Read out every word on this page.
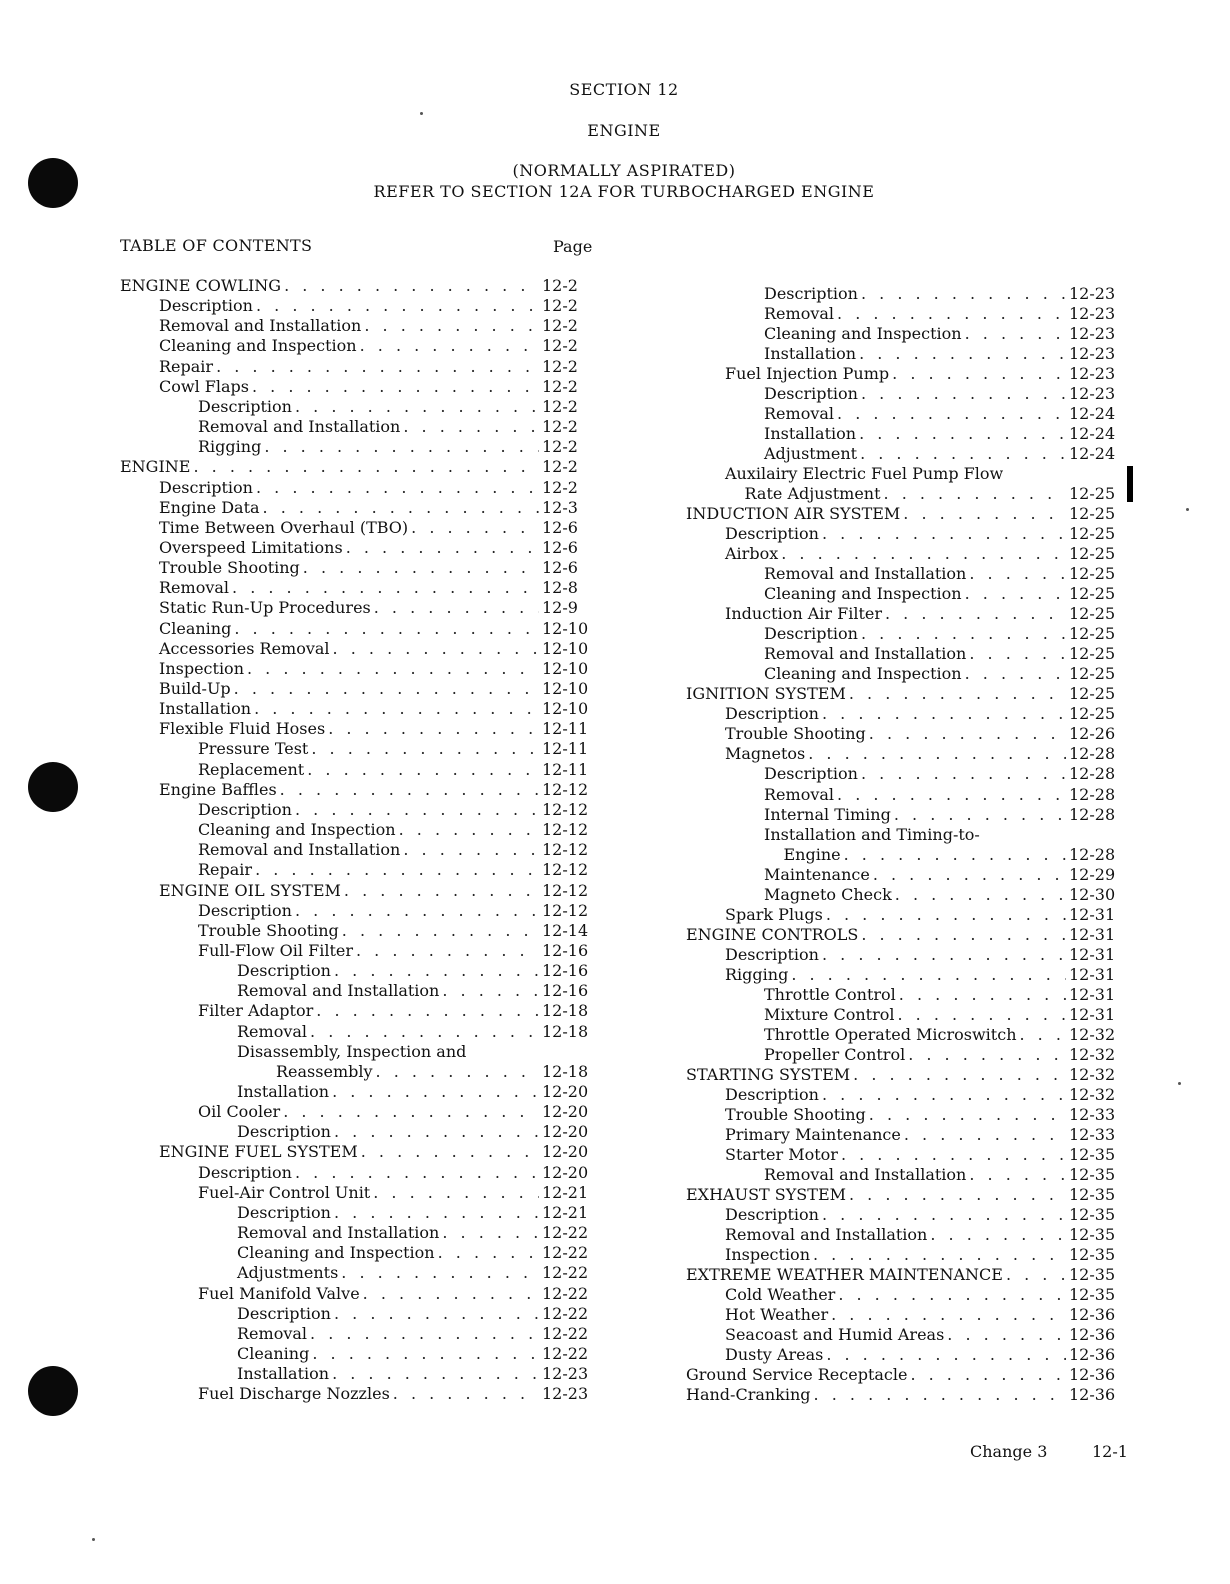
SECTION 12
ENGINE
(NORMALLY ASPIRATED)
REFER TO SECTION 12A FOR TURBOCHARGED ENGINE
TABLE OF CONTENTS	Page
ENGINE COWLING . . .	12-2
Description . . .	12-2
Removal and Installation . . .	12-2
Cleaning and Inspection . . .	12-2
Repair . . .	12-2
Cowl Flaps . . .	12-2
Description . . .	12-2
Removal and Installation . . .	12-2
Rigging . . .	12-2
ENGINE . . .	12-2
Description . . .	12-2
Engine Data . . .	12-3
Time Between Overhaul (TBO) . . .	12-6
Overspeed Limitations . . .	12-6
Trouble Shooting . . .	12-6
Removal . . .	12-8
Static Run-Up Procedures . . .	12-9
Cleaning . . .	12-10
Accessories Removal . . .	12-10
Inspection . . .	12-10
Build-Up . . .	12-10
Installation . . .	12-10
Flexible Fluid Hoses . . .	12-11
Pressure Test . . .	12-11
Replacement . . .	12-11
Engine Baffles . . .	12-12
Description . . .	12-12
Cleaning and Inspection . . .	12-12
Removal and Installation . . .	12-12
Repair . . .	12-12
ENGINE OIL SYSTEM . . .	12-12
Description . . .	12-12
Trouble Shooting . . .	12-14
Full-Flow Oil Filter . . .	12-16
Description . . .	12-16
Removal and Installation . . .	12-16
Filter Adaptor . . .	12-18
Removal . . .	12-18
Disassembly, Inspection and
Reassembly . . .	12-18
Installation . . .	12-20
Oil Cooler . . .	12-20
Description . . .	12-20
ENGINE FUEL SYSTEM . . .	12-20
Description . . .	12-20
Fuel-Air Control Unit . . .	12-21
Description . . .	12-21
Removal and Installation . . .	12-22
Cleaning and Inspection . . .	12-22
Adjustments . . .	12-22
Fuel Manifold Valve . . .	12-22
Description . . .	12-22
Removal . . .	12-22
Cleaning . . .	12-22
Installation . . .	12-23
Fuel Discharge Nozzles . . .	12-23
Description . . .	12-23
Removal . . .	12-23
Cleaning and Inspection . . .	12-23
Installation . . .	12-23
Fuel Injection Pump . . .	12-23
Description . . .	12-23
Removal . . .	12-24
Installation . . .	12-24
Adjustment . . .	12-24
Auxilairy Electric Fuel Pump Flow
Rate Adjustment . . .	12-25
INDUCTION AIR SYSTEM . . .	12-25
Description . . .	12-25
Airbox . . .	12-25
Removal and Installation . . .	12-25
Cleaning and Inspection . . .	12-25
Induction Air Filter . . .	12-25
Description . . .	12-25
Removal and Installation . . .	12-25
Cleaning and Inspection . . .	12-25
IGNITION SYSTEM . . .	12-25
Description . . .	12-25
Trouble Shooting . . .	12-26
Magnetos . . .	12-28
Description . . .	12-28
Removal . . .	12-28
Internal Timing . . .	12-28
Installation and Timing-to-
Engine . . .	12-28
Maintenance . . .	12-29
Magneto Check . . .	12-30
Spark Plugs . . .	12-31
ENGINE CONTROLS . . .	12-31
Description . . .	12-31
Rigging . . .	12-31
Throttle Control . . .	12-31
Mixture Control . . .	12-31
Throttle Operated Microswitch . . .	12-32
Propeller Control . . .	12-32
STARTING SYSTEM . . .	12-32
Description . . .	12-32
Trouble Shooting . . .	12-33
Primary Maintenance . . .	12-33
Starter Motor . . .	12-35
Removal and Installation . . .	12-35
EXHAUST SYSTEM . . .	12-35
Description . . .	12-35
Removal and Installation . . .	12-35
Inspection . . .	12-35
EXTREME WEATHER MAINTENANCE . . .	12-35
Cold Weather . . .	12-35
Hot Weather . . .	12-36
Seacoast and Humid Areas . . .	12-36
Dusty Areas . . .	12-36
Ground Service Receptacle . . .	12-36
Hand-Cranking . . .	12-36
Change 3	12-1
